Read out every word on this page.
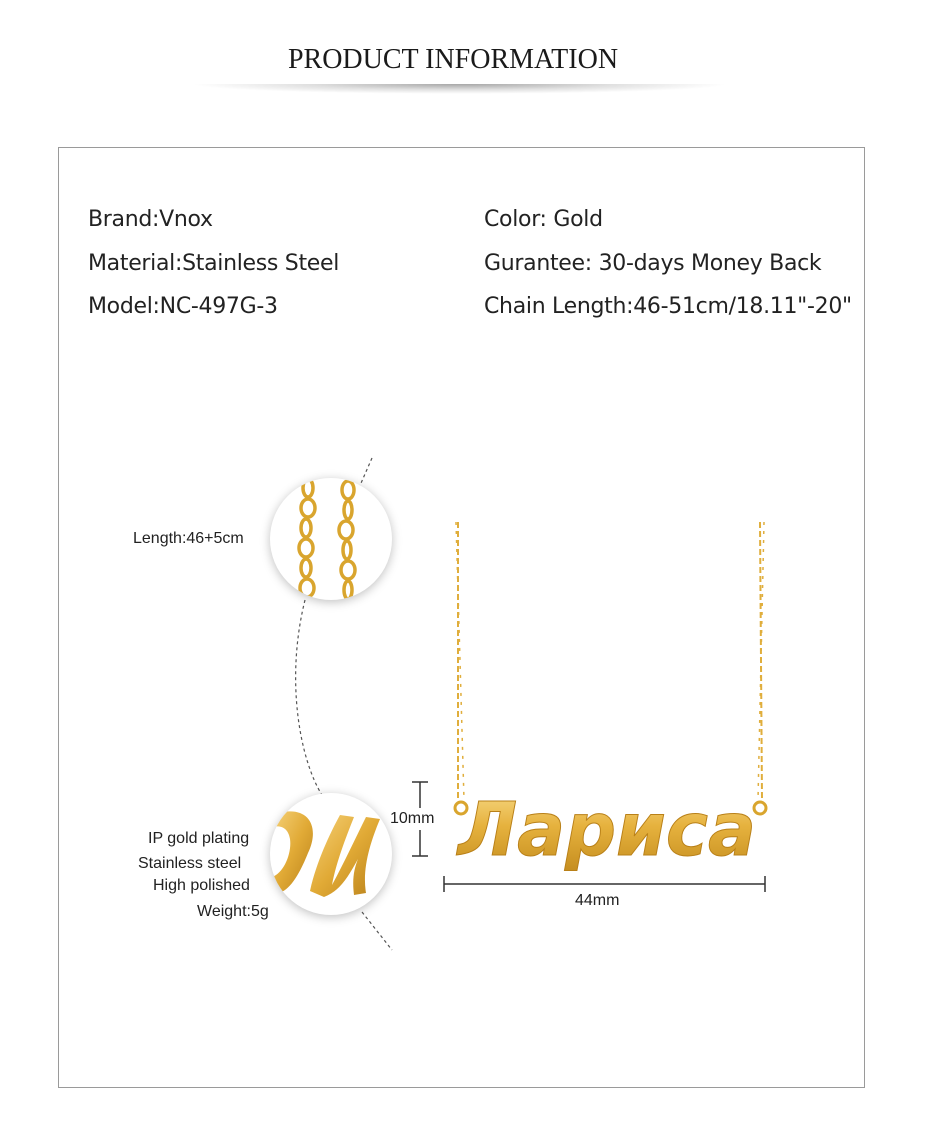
PRODUCT INFORMATION
Brand:Vnox
Material:Stainless Steel
Model:NC-497G-3
Color: Gold
Gurantee: 30-days Money Back
Chain Length:46-51cm/18.11"-20"
Лариса
Length:46+5cm
IP gold plating
Stainless steel
High polished
Weight:5g
10mm
44mm
